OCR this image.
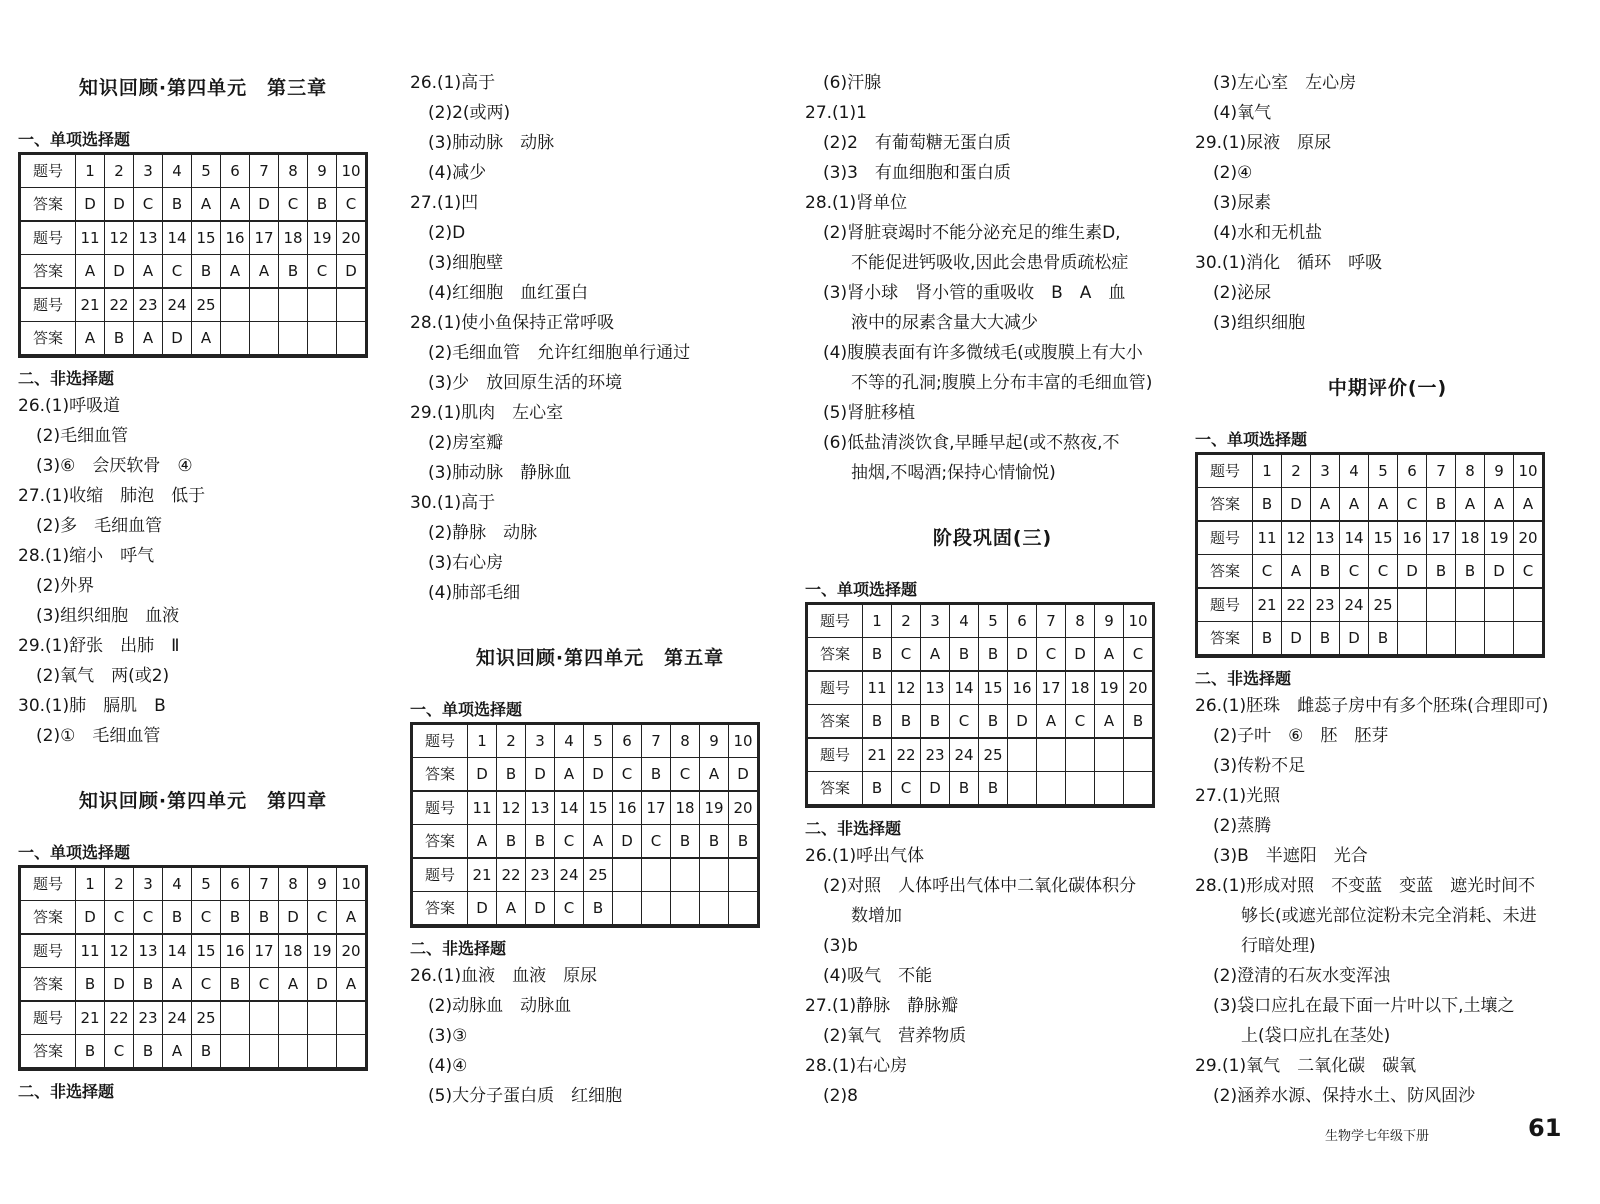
知识回顾·第四单元　第三章
一、单项选择题
题号	1	2	3	4	5	6	7	8	9	10
答案	D	D	C	B	A	A	D	C	B	C
题号	11	12	13	14	15	16	17	18	19	20
答案	A	D	A	C	B	A	A	B	C	D
题号	21	22	23	24	25					
答案	A	B	A	D	A					
二、非选择题
26.(1)呼吸道
(2)毛细血管
(3)⑥　会厌软骨　④
27.(1)收缩　肺泡　低于
(2)多　毛细血管
28.(1)缩小　呼气
(2)外界
(3)组织细胞　血液
29.(1)舒张　出肺　Ⅱ
(2)氧气　两(或2)
30.(1)肺　膈肌　B
(2)①　毛细血管
知识回顾·第四单元　第四章
一、单项选择题
题号	1	2	3	4	5	6	7	8	9	10
答案	D	C	C	B	C	B	B	D	C	A
题号	11	12	13	14	15	16	17	18	19	20
答案	B	D	B	A	C	B	C	A	D	A
题号	21	22	23	24	25					
答案	B	C	B	A	B					
二、非选择题
26.(1)高于
(2)2(或两)
(3)肺动脉　动脉
(4)减少
27.(1)凹
(2)D
(3)细胞壁
(4)红细胞　血红蛋白
28.(1)使小鱼保持正常呼吸
(2)毛细血管　允许红细胞单行通过
(3)少　放回原生活的环境
29.(1)肌肉　左心室
(2)房室瓣
(3)肺动脉　静脉血
30.(1)高于
(2)静脉　动脉
(3)右心房
(4)肺部毛细
知识回顾·第四单元　第五章
一、单项选择题
题号	1	2	3	4	5	6	7	8	9	10
答案	D	B	D	A	D	C	B	C	A	D
题号	11	12	13	14	15	16	17	18	19	20
答案	A	B	B	C	A	D	C	B	B	B
题号	21	22	23	24	25					
答案	D	A	D	C	B					
二、非选择题
26.(1)血液　血液　原尿
(2)动脉血　动脉血
(3)③
(4)④
(5)大分子蛋白质　红细胞
(6)汗腺
27.(1)1
(2)2　有葡萄糖无蛋白质
(3)3　有血细胞和蛋白质
28.(1)肾单位
(2)肾脏衰竭时不能分泌充足的维生素D,
不能促进钙吸收,因此会患骨质疏松症
(3)肾小球　肾小管的重吸收　B　A　血
液中的尿素含量大大减少
(4)腹膜表面有许多微绒毛(或腹膜上有大小
不等的孔洞;腹膜上分布丰富的毛细血管)
(5)肾脏移植
(6)低盐清淡饮食,早睡早起(或不熬夜,不
抽烟,不喝酒;保持心情愉悦)
阶段巩固(三)
一、单项选择题
题号	1	2	3	4	5	6	7	8	9	10
答案	B	C	A	B	B	D	C	D	A	C
题号	11	12	13	14	15	16	17	18	19	20
答案	B	B	B	C	B	D	A	C	A	B
题号	21	22	23	24	25					
答案	B	C	D	B	B					
二、非选择题
26.(1)呼出气体
(2)对照　人体呼出气体中二氧化碳体积分
数增加
(3)b
(4)吸气　不能
27.(1)静脉　静脉瓣
(2)氧气　营养物质
28.(1)右心房
(2)8
(3)左心室　左心房
(4)氧气
29.(1)尿液　原尿
(2)④
(3)尿素
(4)水和无机盐
30.(1)消化　循环　呼吸
(2)泌尿
(3)组织细胞
中期评价(一)
一、单项选择题
题号	1	2	3	4	5	6	7	8	9	10
答案	B	D	A	A	A	C	B	A	A	A
题号	11	12	13	14	15	16	17	18	19	20
答案	C	A	B	C	C	D	B	B	D	C
题号	21	22	23	24	25					
答案	B	D	B	D	B					
二、非选择题
26.(1)胚珠　雌蕊子房中有多个胚珠(合理即可)
(2)子叶　⑥　胚　胚芽
(3)传粉不足
27.(1)光照
(2)蒸腾
(3)B　半遮阳　光合
28.(1)形成对照　不变蓝　变蓝　遮光时间不
够长(或遮光部位淀粉未完全消耗、未进
行暗处理)
(2)澄清的石灰水变浑浊
(3)袋口应扎在最下面一片叶以下,土壤之
上(袋口应扎在茎处)
29.(1)氧气　二氧化碳　碳氧
(2)涵养水源、保持水土、防风固沙
生物学七年级下册	61
